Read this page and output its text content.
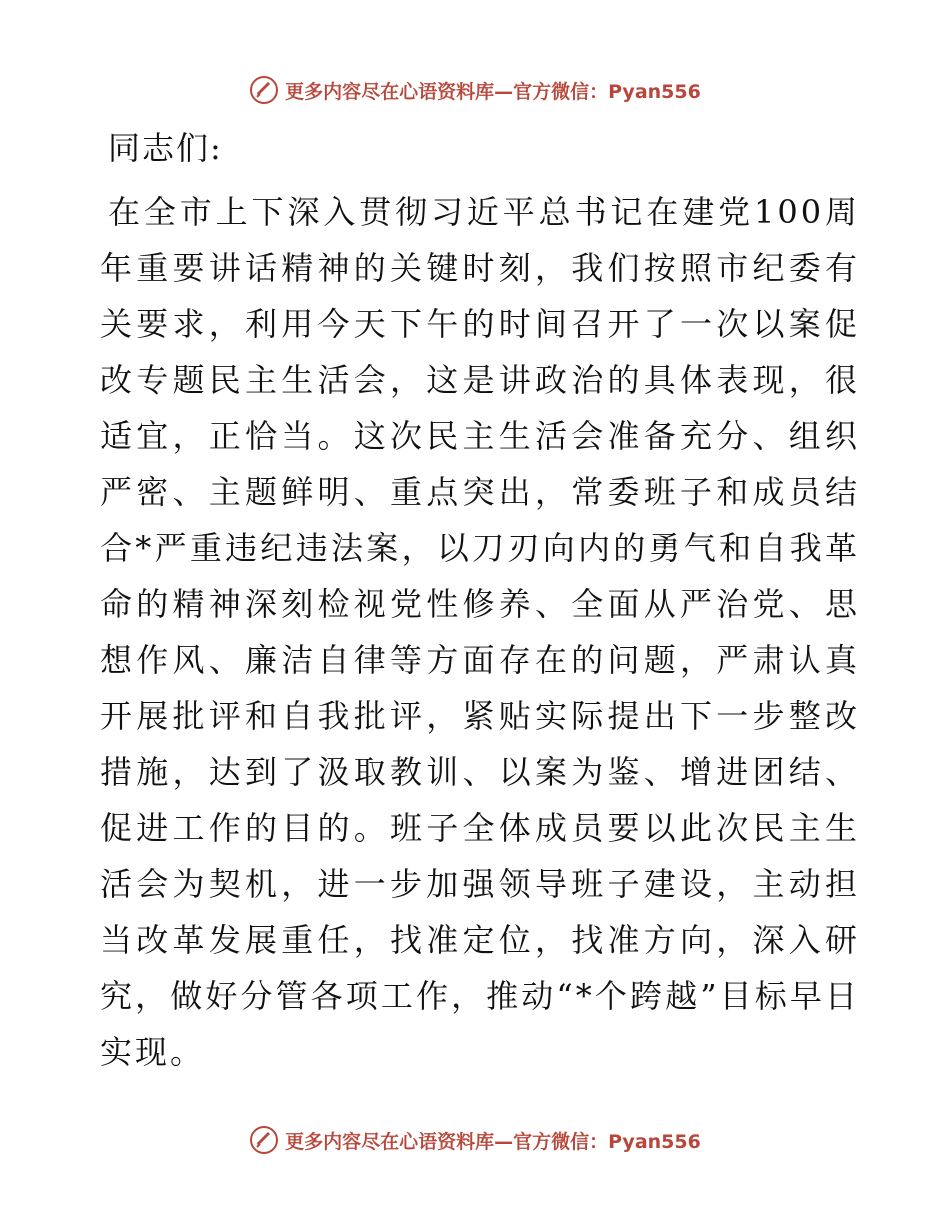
更多内容尽在心语资料库—官方微信：Pyan556

同志们:

在全市上下深入贯彻习近平总书记在建党100周年重要讲话精神的关键时刻，我们按照市纪委有关要求，利用今天下午的时间召开了一次以案促改专题民主生活会，这是讲政治的具体表现，很适宜，正恰当。这次民主生活会准备充分、组织严密、主题鲜明、重点突出，常委班子和成员结合*严重违纪违法案，以刀刃向内的勇气和自我革命的精神深刻检视党性修养、全面从严治党、思想作风、廉洁自律等方面存在的问题，严肃认真开展批评和自我批评，紧贴实际提出下一步整改措施，达到了汲取教训、以案为鉴、增进团结、促进工作的目的。班子全体成员要以此次民主生活会为契机，进一步加强领导班子建设，主动担当改革发展重任，找准定位，找准方向，深入研究，做好分管各项工作，推动“*个跨越”目标早日实现。

更多内容尽在心语资料库—官方微信：Pyan556
